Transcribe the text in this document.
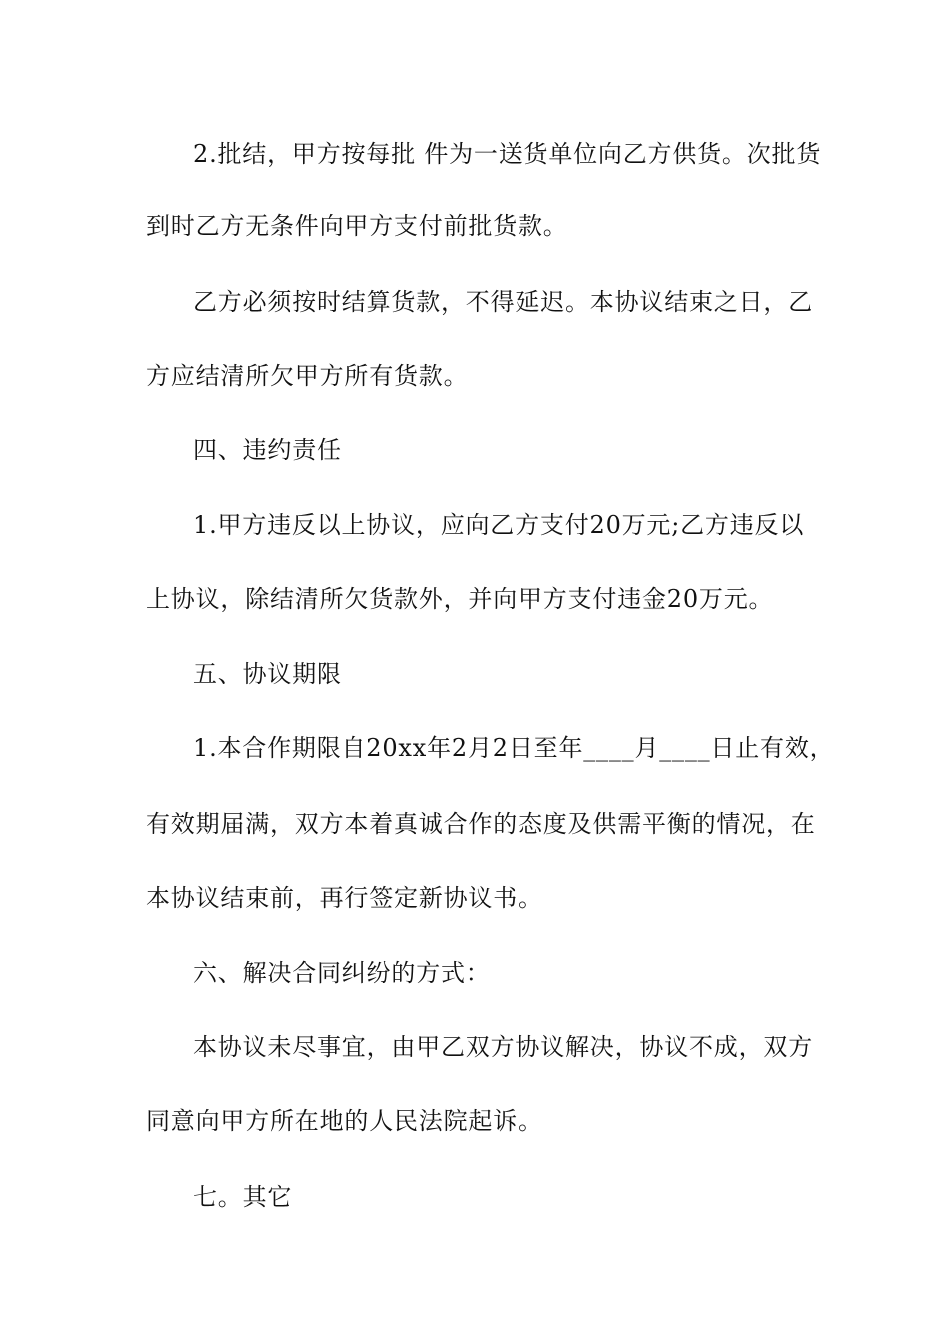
2.批结，甲方按每批 件为一送货单位向乙方供货。次批货
到时乙方无条件向甲方支付前批货款。
乙方必须按时结算货款，不得延迟。本协议结束之日，乙
方应结清所欠甲方所有货款。
四、违约责任
1.甲方违反以上协议，应向乙方支付20万元;乙方违反以
上协议，除结清所欠货款外，并向甲方支付违金20万元。
五、协议期限
1.本合作期限自20xx年2月2日至年____月____日止有效，
有效期届满，双方本着真诚合作的态度及供需平衡的情况，在
本协议结束前，再行签定新协议书。
六、解决合同纠纷的方式：
本协议未尽事宜，由甲乙双方协议解决，协议不成，双方
同意向甲方所在地的人民法院起诉。
七。其它
